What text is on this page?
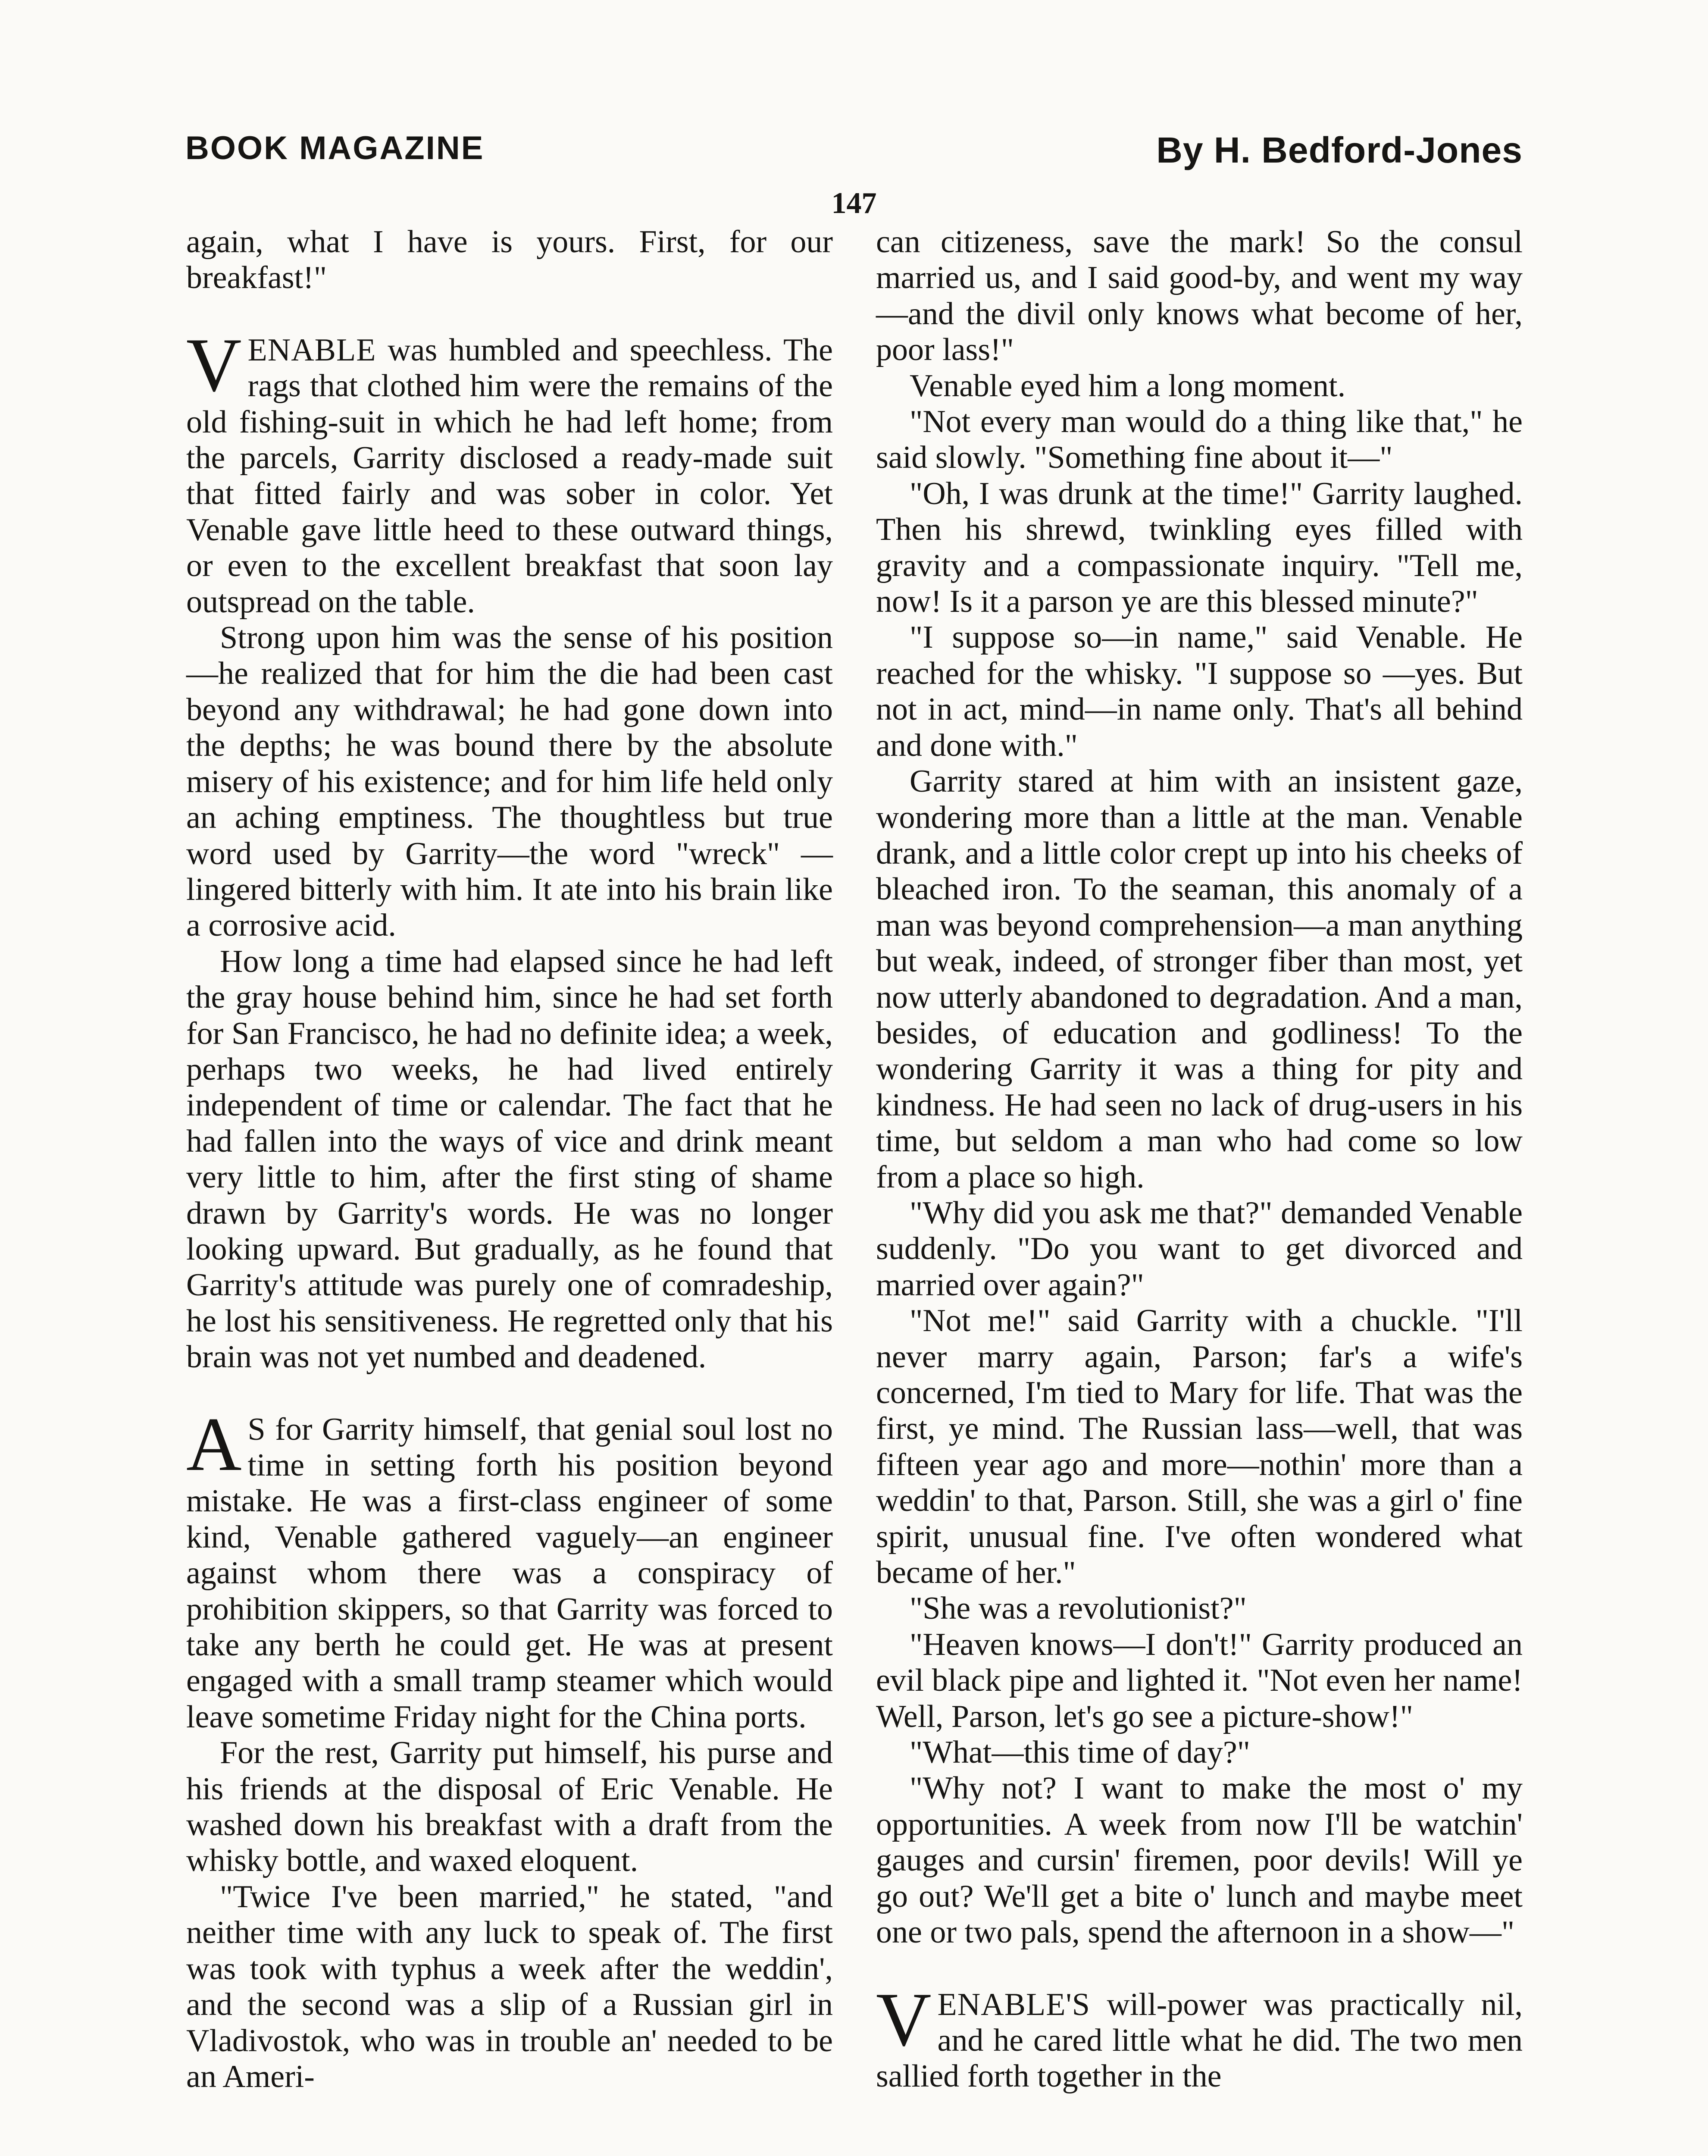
BOOK MAGAZINE	By H. Bedford-Jones
147

again, what I have is yours. First, for our breakfast!"

VENABLE was humbled and speechless. The rags that clothed him were the remains of the old fishing-suit in which he had left home; from the parcels, Garrity disclosed a ready-made suit that fitted fairly and was sober in color. Yet Venable gave little heed to these outward things, or even to the excellent breakfast that soon lay outspread on the table.

Strong upon him was the sense of his position—he realized that for him the die had been cast beyond any withdrawal; he had gone down into the depths; he was bound there by the absolute misery of his existence; and for him life held only an aching emptiness. The thoughtless but true word used by Garrity—the word "wreck" —lingered bitterly with him. It ate into his brain like a corrosive acid.

How long a time had elapsed since he had left the gray house behind him, since he had set forth for San Francisco, he had no definite idea; a week, perhaps two weeks, he had lived entirely independent of time or calendar. The fact that he had fallen into the ways of vice and drink meant very little to him, after the first sting of shame drawn by Garrity's words. He was no longer looking upward. But gradually, as he found that Garrity's attitude was purely one of comradeship, he lost his sensitiveness. He regretted only that his brain was not yet numbed and deadened.

A S for Garrity himself, that genial soul lost no time in setting forth his position beyond mistake. He was a first-class engineer of some kind, Venable gathered vaguely—an engineer against whom there was a conspiracy of prohibition skippers, so that Garrity was forced to take any berth he could get. He was at present engaged with a small tramp steamer which would leave sometime Friday night for the China ports.

For the rest, Garrity put himself, his purse and his friends at the disposal of Eric Venable. He washed down his breakfast with a draft from the whisky bottle, and waxed eloquent.

"Twice I've been married," he stated, "and neither time with any luck to speak of. The first was took with typhus a week after the weddin', and the second was a slip of a Russian girl in Vladivostok, who was in trouble an' needed to be an Ameri-

can citizeness, save the mark! So the consul married us, and I said good-by, and went my way—and the divil only knows what become of her, poor lass!"

Venable eyed him a long moment.

"Not every man would do a thing like that," he said slowly. "Something fine about it—"

"Oh, I was drunk at the time!" Garrity laughed. Then his shrewd, twinkling eyes filled with gravity and a compassionate inquiry. "Tell me, now! Is it a parson ye are this blessed minute?"

"I suppose so—in name," said Venable. He reached for the whisky. "I suppose so —yes. But not in act, mind—in name only. That's all behind and done with."

Garrity stared at him with an insistent gaze, wondering more than a little at the man. Venable drank, and a little color crept up into his cheeks of bleached iron. To the seaman, this anomaly of a man was beyond comprehension—a man anything but weak, indeed, of stronger fiber than most, yet now utterly abandoned to degradation. And a man, besides, of education and godliness! To the wondering Garrity it was a thing for pity and kindness. He had seen no lack of drug-users in his time, but seldom a man who had come so low from a place so high.

"Why did you ask me that?" demanded Venable suddenly. "Do you want to get divorced and married over again?"

"Not me!" said Garrity with a chuckle. "I'll never marry again, Parson; far's a wife's concerned, I'm tied to Mary for life. That was the first, ye mind. The Russian lass—well, that was fifteen year ago and more—nothin' more than a weddin' to that, Parson. Still, she was a girl o' fine spirit, unusual fine. I've often wondered what became of her."

"She was a revolutionist?"

"Heaven knows—I don't!" Garrity produced an evil black pipe and lighted it. "Not even her name! Well, Parson, let's go see a picture-show!"

"What—this time of day?"

"Why not? I want to make the most o' my opportunities. A week from now I'll be watchin' gauges and cursin' firemen, poor devils! Will ye go out? We'll get a bite o' lunch and maybe meet one or two pals, spend the afternoon in a show—"

VENABLE'S will-power was practically nil, and he cared little what he did. The two men sallied forth together in the
